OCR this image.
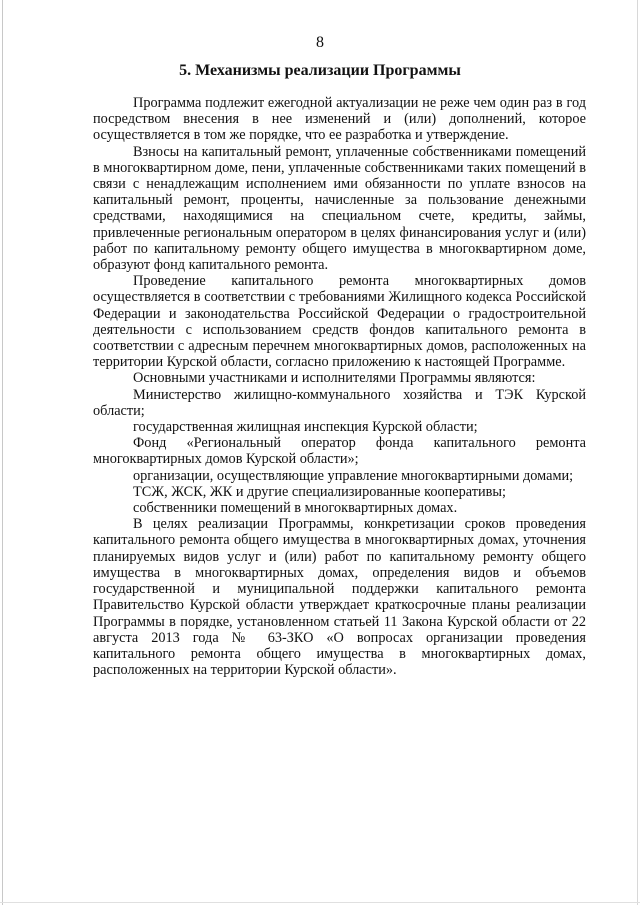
8
5. Механизмы реализации Программы

Программа подлежит ежегодной актуализации не реже чем один раз в год посредством внесения в нее изменений и (или) дополнений, которое осуществляется в том же порядке, что ее разработка и утверждение.

Взносы на капитальный ремонт, уплаченные собственниками помещений в многоквартирном доме, пени, уплаченные собственниками таких помещений в связи с ненадлежащим исполнением ими обязанности по уплате взносов на капитальный ремонт, проценты, начисленные за пользование денежными средствами, находящимися на специальном счете, кредиты, займы, привлеченные региональным оператором в целях финансирования услуг и (или) работ по капитальному ремонту общего имущества в многоквартирном доме, образуют фонд капитального ремонта.

Проведение капитального ремонта многоквартирных домов осуществляется в соответствии с требованиями Жилищного кодекса Российской Федерации и законодательства Российской Федерации о градостроительной деятельности с использованием средств фондов капитального ремонта в соответствии с адресным перечнем многоквартирных домов, расположенных на территории Курской области, согласно приложению к настоящей Программе.

Основными участниками и исполнителями Программы являются:

Министерство жилищно-коммунального хозяйства и ТЭК Курской области;

государственная жилищная инспекция Курской области;

Фонд «Региональный оператор фонда капитального ремонта многоквартирных домов Курской области»;

организации, осуществляющие управление многоквартирными домами;

ТСЖ, ЖСК, ЖК и другие специализированные кооперативы;

собственники помещений в многоквартирных домах.

В целях реализации Программы, конкретизации сроков проведения капитального ремонта общего имущества в многоквартирных домах, уточнения планируемых видов услуг и (или) работ по капитальному ремонту общего имущества в многоквартирных домах, определения видов и объемов государственной и муниципальной поддержки капитального ремонта Правительство Курской области утверждает краткосрочные планы реализации Программы в порядке, установленном статьей 11 Закона Курской области от 22 августа 2013 года № 63-ЗКО «О вопросах организации проведения капитального ремонта общего имущества в многоквартирных домах, расположенных на территории Курской области».
